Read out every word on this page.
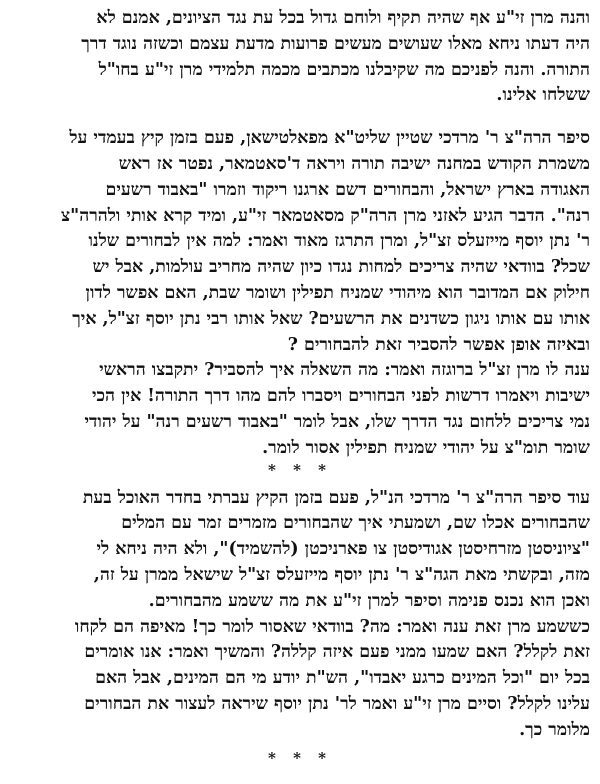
והנה מרן זי"ע אף שהיה תקיף ולוחם גדול בכל עת נגד הציונים, אמנם לא
היה דעתו ניחא מאלו שעושים מעשים פרועות מדעת עצמם וכשזה נוגד דרך
התורה. והנה לפניכם מה שקיבלנו מכתבים מכמה תלמידי מרן זי"ע בחו"ל
ששלחו אלינו.

סיפר הרה"צ ר' מרדכי שטיין שליט"א מפאלטישאן, פעם בזמן קיץ בעמדי על
משמרת הקודש במחנה ישיבה תורה ויראה ד'סאטמאר, נפטר אז ראש
האגודה בארץ ישראל, והבחורים דשם ארגנו ריקוד וזמרו "באבוד רשעים
רנה". הדבר הגיע לאזני מרן הרה"ק מסאטמאר זי"ע, ומיד קרא אותי ולהרה"צ
ר' נתן יוסף מייזעלס זצ"ל, ומרן התרגז מאוד ואמר: למה אין לבחורים שלנו
שכל? בוודאי שהיה צריכים למחות נגדו כיון שהיה מחריב עולמות, אבל יש
חילוק אם המדובר הוא מיהודי שמניח תפילין ושומר שבת, האם אפשר לדון
אותו עם אותו ניגון כשדנים את הרשעים? שאל אותו רבי נתן יוסף זצ"ל, איך
ובאיזה אופן אפשר להסביר זאת להבחורים ?

ענה לו מרן זצ"ל ברוגזה ואמר: מה השאלה איך להסביר? יתקבצו הראשי
ישיבות ויאמרו דרשות לפני הבחורים ויסברו להם מהו דרך התורה! אין הכי
נמי צריכים ללחום נגד הדרך שלו, אבל לומר "באבוד רשעים רנה" על יהודי
שומר תומ"צ על יהודי שמניח תפילין אסור לומר.

* * *

עוד סיפר הרה"צ ר' מרדכי הנ"ל, פעם בזמן הקיץ עברתי בחדר האוכל בעת
שהבחורים אכלו שם, ושמעתי איך שהבחורים מזמרים זמר עם המלים
"ציוניסטן מזרחיסטן אגודיסטן צו פארניכטן (להשמיד)", ולא היה ניחא לי
מזה, ובקשתי מאת הגה"צ ר' נתן יוסף מייזעלס זצ"ל שישאל ממרן על זה,
ואכן הוא נכנס פנימה וסיפר למרן זי"ע את מה ששמע מהבחורים.

כששמע מרן זאת ענה ואמר: מה? בוודאי שאסור לומר כך! מאיפה הם לקחו
זאת לקלל? האם שמעו ממני פעם איזה קללה? והמשיך ואמר: אנו אומרים
בכל יום "וכל המינים כרגע יאבדו", הש"ת יודע מי הם המינים, אבל האם
עלינו לקלל? וסיים מרן זי"ע ואמר לר' נתן יוסף שיראה לעצור את הבחורים
מלומר כך.

* * *
